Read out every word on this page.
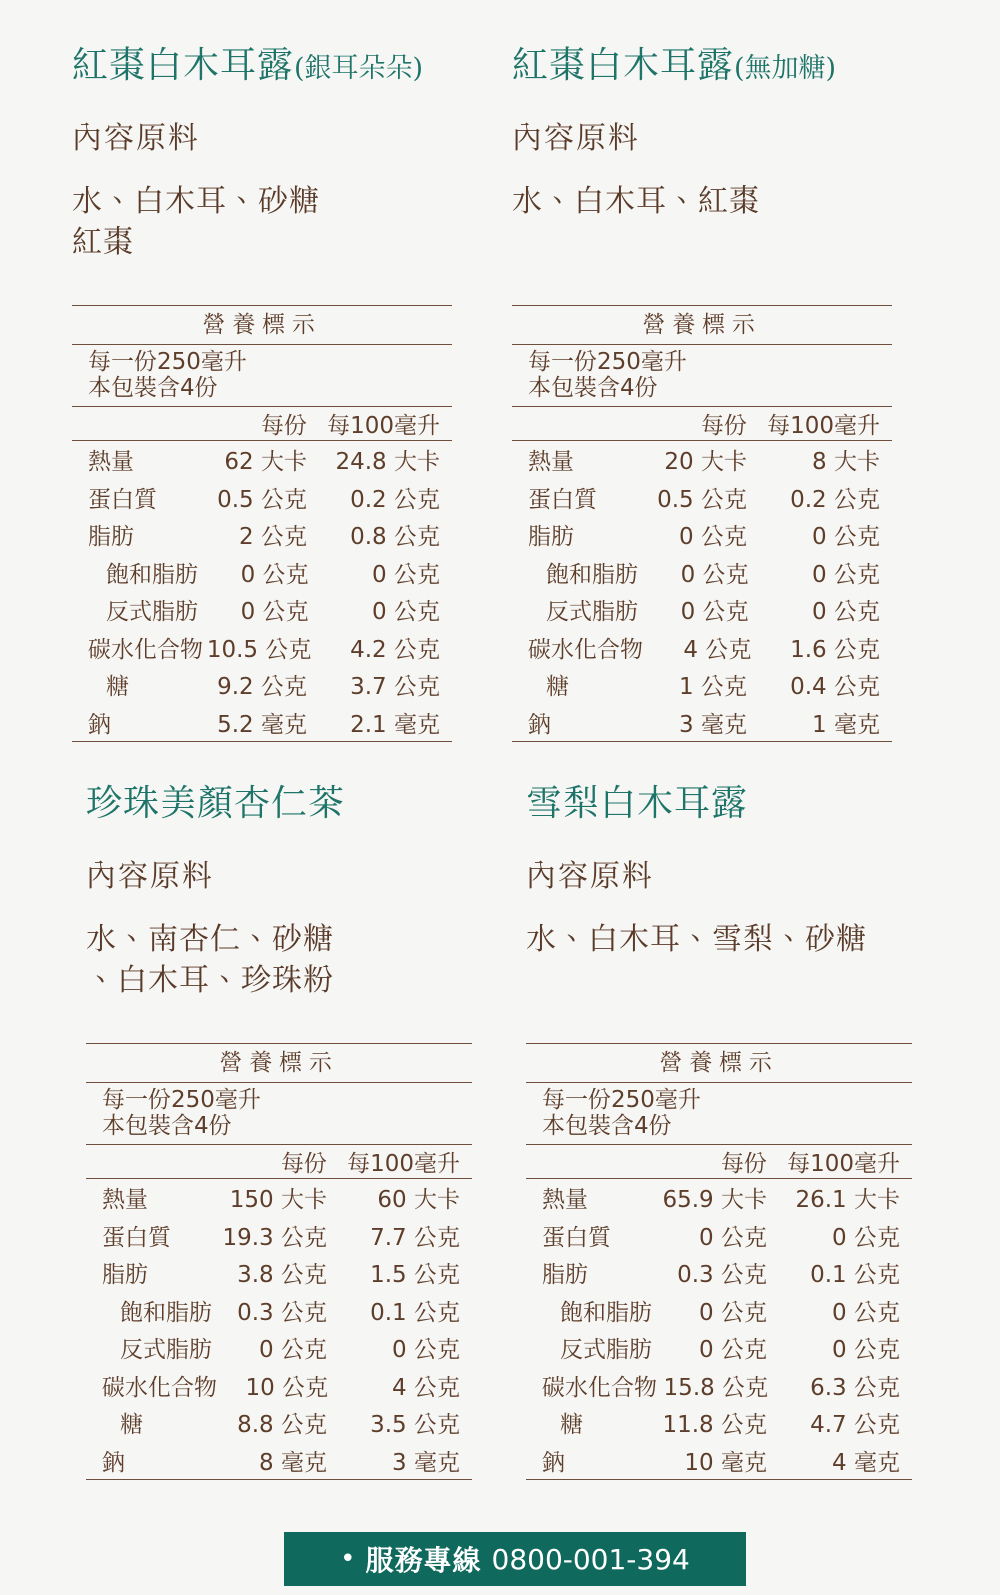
紅棗白木耳露(銀耳朵朵)
內容原料

水、白木耳、砂糖
紅棗

營養標示
每一份250毫升
本包裝含4份
每份 每100毫升
熱量	62 大卡	24.8 大卡
蛋白質	0.5 公克	0.2 公克
脂肪	2 公克	0.8 公克
飽和脂肪	0 公克	0 公克
反式脂肪	0 公克	0 公克
碳水化合物 10.5 公克	4.2 公克
糖	9.2 公克	3.7 公克
鈉	5.2 毫克	2.1 毫克
紅棗白木耳露(無加糖)
內容原料

水、白木耳、紅棗

營養標示
每一份250毫升
本包裝含4份
每份 每100毫升
熱量	20 大卡	8 大卡
蛋白質	0.5 公克	0.2 公克
脂肪	0 公克	0 公克
飽和脂肪	0 公克	0 公克
反式脂肪	0 公克	0 公克
碳水化合物	4 公克	1.6 公克
糖	1 公克	0.4 公克
鈉	3 毫克	1 毫克
珍珠美顏杏仁茶
內容原料

水、南杏仁、砂糖
、白木耳、珍珠粉

營養標示
每一份250毫升
本包裝含4份
每份 每100毫升
熱量	150 大卡	60 大卡
蛋白質	19.3 公克	7.7 公克
脂肪	3.8 公克	1.5 公克
飽和脂肪	0.3 公克	0.1 公克
反式脂肪	0 公克	0 公克
碳水化合物	10 公克	4 公克
糖	8.8 公克	3.5 公克
鈉	8 毫克	3 毫克
雪梨白木耳露
內容原料

水、白木耳、雪梨、砂糖

營養標示
每一份250毫升
本包裝含4份
每份 每100毫升
熱量	65.9 大卡	26.1 大卡
蛋白質	0 公克	0 公克
脂肪	0.3 公克	0.1 公克
飽和脂肪	0 公克	0 公克
反式脂肪	0 公克	0 公克
碳水化合物 15.8 公克	6.3 公克
糖	11.8 公克	4.7 公克
鈉	10 毫克	4 毫克
• 服務專線 0800-001-394
